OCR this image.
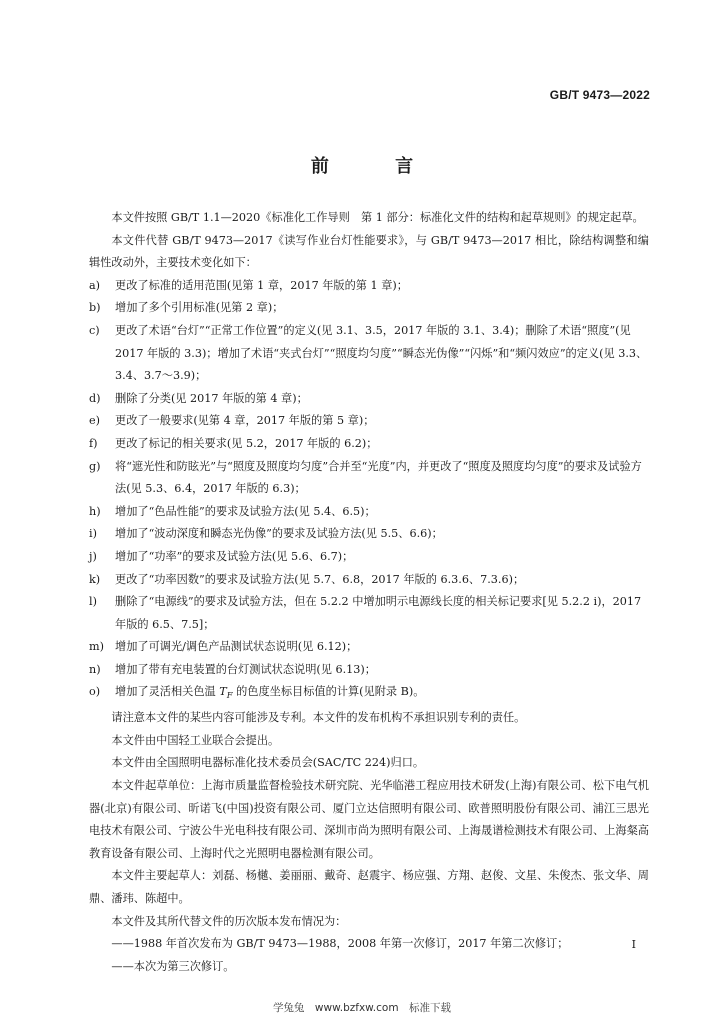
GB/T 9473—2022
前 言

本文件按照 GB/T 1.1—2020《标准化工作导则　第 1 部分：标准化文件的结构和起草规则》的规定起草。

本文件代替 GB/T 9473—2017《读写作业台灯性能要求》，与 GB/T 9473—2017 相比，除结构调整和编辑性改动外，主要技术变化如下：

a) 更改了标准的适用范围(见第 1 章，2017 年版的第 1 章)；

b) 增加了多个引用标准(见第 2 章)；

c) 更改了术语“台灯”“正常工作位置”的定义(见 3.1、3.5，2017 年版的 3.1、3.4)；删除了术语“照度”(见 2017 年版的 3.3)；增加了术语“夹式台灯”“照度均匀度”“瞬态光伪像”“闪烁”和“频闪效应”的定义(见 3.3、3.4、3.7～3.9)；

d) 删除了分类(见 2017 年版的第 4 章)；

e) 更改了一般要求(见第 4 章，2017 年版的第 5 章)；

f) 更改了标记的相关要求(见 5.2，2017 年版的 6.2)；

g) 将“遮光性和防眩光”与“照度及照度均匀度”合并至“光度”内，并更改了“照度及照度均匀度”的要求及试验方法(见 5.3、6.4，2017 年版的 6.3)；

h) 增加了“色品性能”的要求及试验方法(见 5.4、6.5)；

i) 增加了“波动深度和瞬态光伪像”的要求及试验方法(见 5.5、6.6)；

j) 增加了“功率”的要求及试验方法(见 5.6、6.7)；

k) 更改了“功率因数”的要求及试验方法(见 5.7、6.8，2017 年版的 6.3.6、7.3.6)；

l) 删除了“电源线”的要求及试验方法，但在 5.2.2 中增加明示电源线长度的相关标记要求[见 5.2.2 i)，2017 年版的 6.5、7.5]；

m) 增加了可调光/调色产品测试状态说明(见 6.12)；

n) 增加了带有充电装置的台灯测试状态说明(见 6.13)；

o) 增加了灵活相关色温 $T_F$ 的色度坐标目标值的计算(见附录 B)。

请注意本文件的某些内容可能涉及专利。本文件的发布机构不承担识别专利的责任。

本文件由中国轻工业联合会提出。

本文件由全国照明电器标准化技术委员会(SAC/TC 224)归口。

本文件起草单位：上海市质量监督检验技术研究院、光华临港工程应用技术研发(上海)有限公司、松下电气机器(北京)有限公司、昕诺飞(中国)投资有限公司、厦门立达信照明有限公司、欧普照明股份有限公司、浦江三思光电技术有限公司、宁波公牛光电科技有限公司、深圳市尚为照明有限公司、上海晟谱检测技术有限公司、上海粲高教育设备有限公司、上海时代之光照明电器检测有限公司。

本文件主要起草人：刘磊、杨樾、姜丽丽、戴奇、赵震宇、杨应强、方翔、赵俊、文星、朱俊杰、张文华、周鼎、潘玮、陈超中。

本文件及其所代替文件的历次版本发布情况为：

——1988 年首次发布为 GB/T 9473—1988，2008 年第一次修订，2017 年第二次修订；

——本次为第三次修订。

I
学兔兔　www.bzfxw.com　标准下载
